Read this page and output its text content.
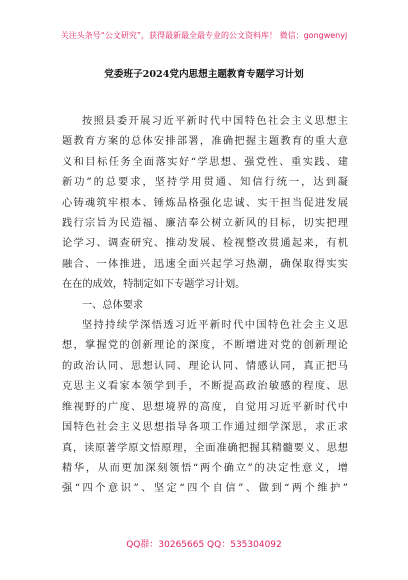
关注头条号“公文研究”，获得最新最全最专业的公文资料库！ 微信：gongwenyj
党委班子2024党内思想主题教育专题学习计划
按照县委开展习近平新时代中国特色社会主义思想主
题教育方案的总体安排部署，准确把握主题教育的重大意
义和目标任务全面落实好“学思想、强党性、重实践、建
新功”的总要求，坚持学用贯通、知信行统一，达到凝
心铸魂筑牢根本、锤炼品格强化忠诚、实干担当促进发展
践行宗旨为民造福、廉洁奉公树立新风的目标，切实把理
论学习、调查研究、推动发展、检视整改贯通起来，有机
融合、一体推进，迅速全面兴起学习热潮，确保取得实实
在在的成效，特制定如下专题学习计划。
一、总体要求
坚持持续学深悟透习近平新时代中国特色社会主义思
想，掌握党的创新理论的深度，不断增进对党的创新理论
的政治认同、思想认同、理论认同、情感认同，真正把马
克思主义看家本领学到手，不断提高政治敏感的程度、思
维视野的广度、思想境界的高度，自觉用习近平新时代中
国特色社会主义思想指导各项工作通过细学深思，求正求
真，读原著学原文悟原理，全面准确把握其精髓要义、思想
精华，从而更加深刻领悟“两个确立”的决定性意义，增
强“四个意识”、坚定“四个自信”、做到“两个维护”
QQ群：30265665 QQ：535304092
